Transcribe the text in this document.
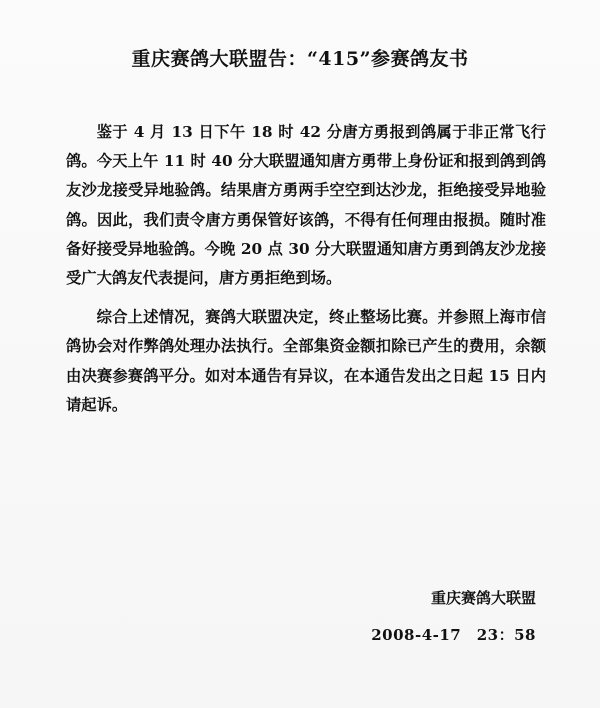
重庆赛鸽大联盟告：“415”参赛鸽友书

鉴于 4 月 13 日下午 18 时 42 分唐方勇报到鸽属于非正常飞行鸽。今天上午 11 时 40 分大联盟通知唐方勇带上身份证和报到鸽到鸽友沙龙接受异地验鸽。结果唐方勇两手空空到达沙龙，拒绝接受异地验鸽。因此，我们责令唐方勇保管好该鸽，不得有任何理由报损。随时准备好接受异地验鸽。今晚 20 点 30 分大联盟通知唐方勇到鸽友沙龙接受广大鸽友代表提问，唐方勇拒绝到场。

综合上述情况，赛鸽大联盟决定，终止整场比赛。并参照上海市信鸽协会对作弊鸽处理办法执行。全部集资金额扣除已产生的费用，余额由决赛参赛鸽平分。如对本通告有异议，在本通告发出之日起 15 日内请起诉。

重庆赛鸽大联盟
2008-4-17　23：58
